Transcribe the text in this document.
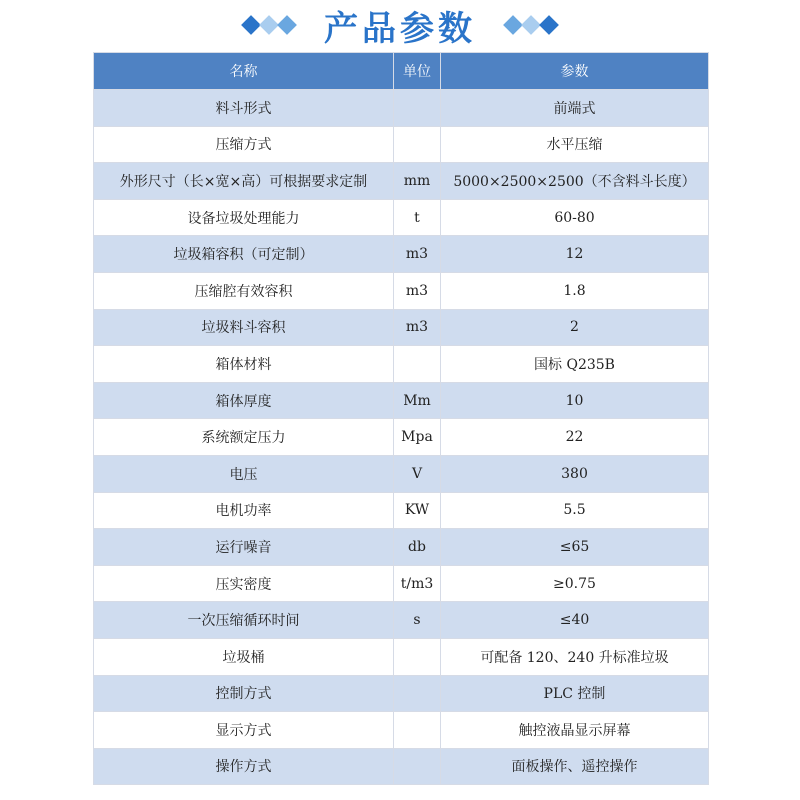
产品参数
名称	单位	参数
料斗形式		前端式
压缩方式		水平压缩
外形尺寸（长×宽×高）可根据要求定制	mm	5000×2500×2500（不含料斗长度）
设备垃圾处理能力	t	60-80
垃圾箱容积（可定制）	m3	12
压缩腔有效容积	m3	1.8
垃圾料斗容积	m3	2
箱体材料		国标 Q235B
箱体厚度	Mm	10
系统额定压力	Mpa	22
电压	V	380
电机功率	KW	5.5
运行噪音	db	≤65
压实密度	t/m3	≥0.75
一次压缩循环时间	s	≤40
垃圾桶		可配备 120、240 升标准垃圾
控制方式		PLC 控制
显示方式		触控液晶显示屏幕
操作方式		面板操作、遥控操作
